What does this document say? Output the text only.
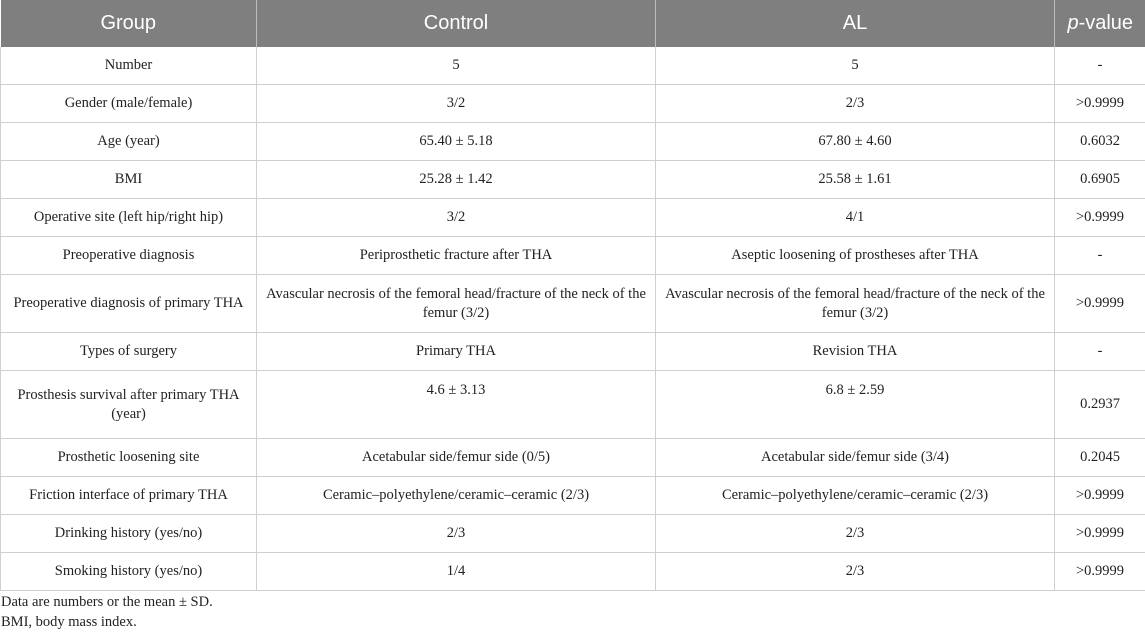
Group	Control	AL	p-value
Number	5	5	-
Gender (male/female)	3/2	2/3	>0.9999
Age (year)	65.40 ± 5.18	67.80 ± 4.60	0.6032
BMI	25.28 ± 1.42	25.58 ± 1.61	0.6905
Operative site (left hip/right hip)	3/2	4/1	>0.9999
Preoperative diagnosis	Periprosthetic fracture after THA	Aseptic loosening of prostheses after THA	-
Preoperative diagnosis of primary THA	Avascular necrosis of the femoral head/fracture of the neck of the femur (3/2)	Avascular necrosis of the femoral head/fracture of the neck of the femur (3/2)	>0.9999
Types of surgery	Primary THA	Revision THA	-
Prosthesis survival after primary THA (year)	4.6 ± 3.13	6.8 ± 2.59	0.2937
Prosthetic loosening site	Acetabular side/femur side (0/5)	Acetabular side/femur side (3/4)	0.2045
Friction interface of primary THA	Ceramic–polyethylene/ceramic–ceramic (2/3)	Ceramic–polyethylene/ceramic–ceramic (2/3)	>0.9999
Drinking history (yes/no)	2/3	2/3	>0.9999
Smoking history (yes/no)	1/4	2/3	>0.9999
Data are numbers or the mean ± SD.
BMI, body mass index.
